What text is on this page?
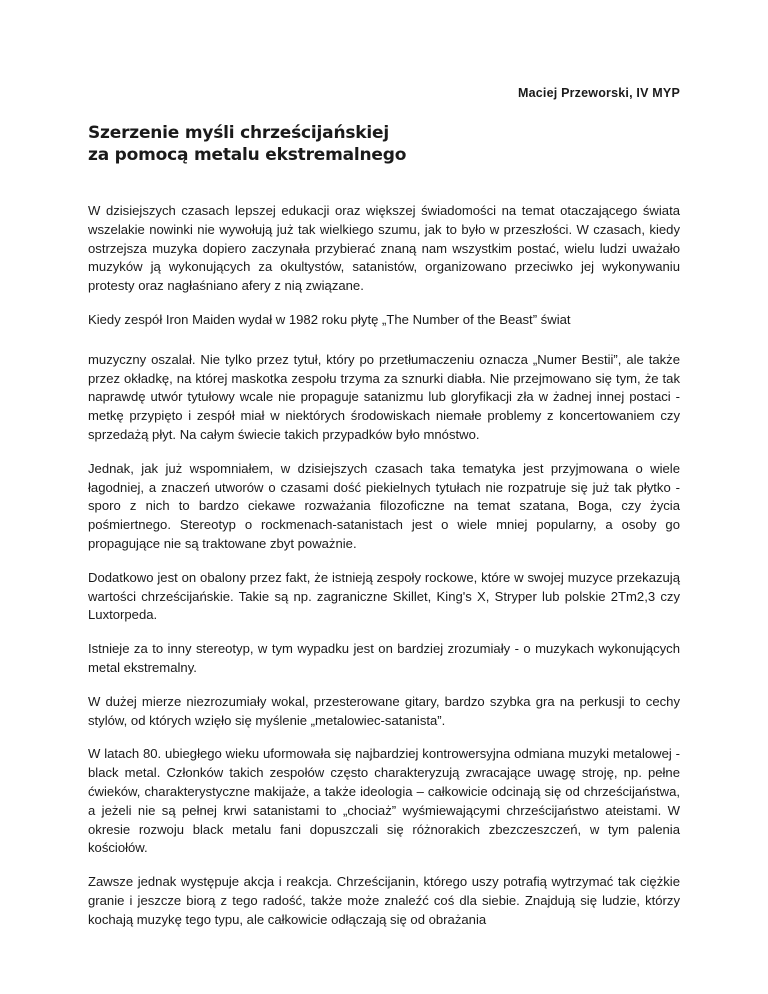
Maciej Przeworski, IV MYP
Szerzenie myśli chrześcijańskiej
za pomocą metalu ekstremalnego

W dzisiejszych czasach lepszej edukacji oraz większej świadomości na temat otaczającego świata wszelakie nowinki nie wywołują już tak wielkiego szumu, jak to było w przeszłości. W czasach, kiedy ostrzejsza muzyka dopiero zaczynała przybierać znaną nam wszystkim postać, wielu ludzi uważało muzyków ją wykonujących za okultystów, satanistów, organizowano przeciwko jej wykonywaniu protesty oraz nagłaśniano afery z nią związane.

Kiedy zespół Iron Maiden wydał w 1982 roku płytę „The Number of the Beast” świat

muzyczny oszalał. Nie tylko przez tytuł, który po przetłumaczeniu oznacza „Numer Bestii”, ale także przez okładkę, na której maskotka zespołu trzyma za sznurki diabła. Nie przejmowano się tym, że tak naprawdę utwór tytułowy wcale nie propaguje satanizmu lub gloryfikacji zła w żadnej innej postaci - metkę przypięto i zespół miał w niektórych środowiskach niemałe problemy z koncertowaniem czy sprzedażą płyt. Na całym świecie takich przypadków było mnóstwo.

Jednak, jak już wspomniałem, w dzisiejszych czasach taka tematyka jest przyjmowana o wiele łagodniej, a znaczeń utworów o czasami dość piekielnych tytułach nie rozpatruje się już tak płytko - sporo z nich to bardzo ciekawe rozważania filozoficzne na temat szatana, Boga, czy życia pośmiertnego. Stereotyp o rockmenach-satanistach jest o wiele mniej popularny, a osoby go propagujące nie są traktowane zbyt poważnie.

Dodatkowo jest on obalony przez fakt, że istnieją zespoły rockowe, które w swojej muzyce przekazują wartości chrześcijańskie. Takie są np. zagraniczne Skillet, King's X, Stryper lub polskie 2Tm2,3 czy Luxtorpeda.

Istnieje za to inny stereotyp, w tym wypadku jest on bardziej zrozumiały - o muzykach wykonujących metal ekstremalny.

W dużej mierze niezrozumiały wokal, przesterowane gitary, bardzo szybka gra na perkusji to cechy stylów, od których wzięło się myślenie „metalowiec-satanista”.

W latach 80. ubiegłego wieku uformowała się najbardziej kontrowersyjna odmiana muzyki metalowej - black metal. Członków takich zespołów często charakteryzują zwracające uwagę stroję, np. pełne ćwieków, charakterystyczne makijaże, a także ideologia – całkowicie odcinają się od chrześcijaństwa, a jeżeli nie są pełnej krwi satanistami to „chociaż” wyśmiewającymi chrześcijaństwo ateistami. W okresie rozwoju black metalu fani dopuszczali się różnorakich zbezczeszczeń, w tym palenia kościołów.

Zawsze jednak występuje akcja i reakcja. Chrześcijanin, którego uszy potrafią wytrzymać tak ciężkie granie i jeszcze biorą z tego radość, także może znaleźć coś dla siebie. Znajdują się ludzie, którzy kochają muzykę tego typu, ale całkowicie odłączają się od obrażania
